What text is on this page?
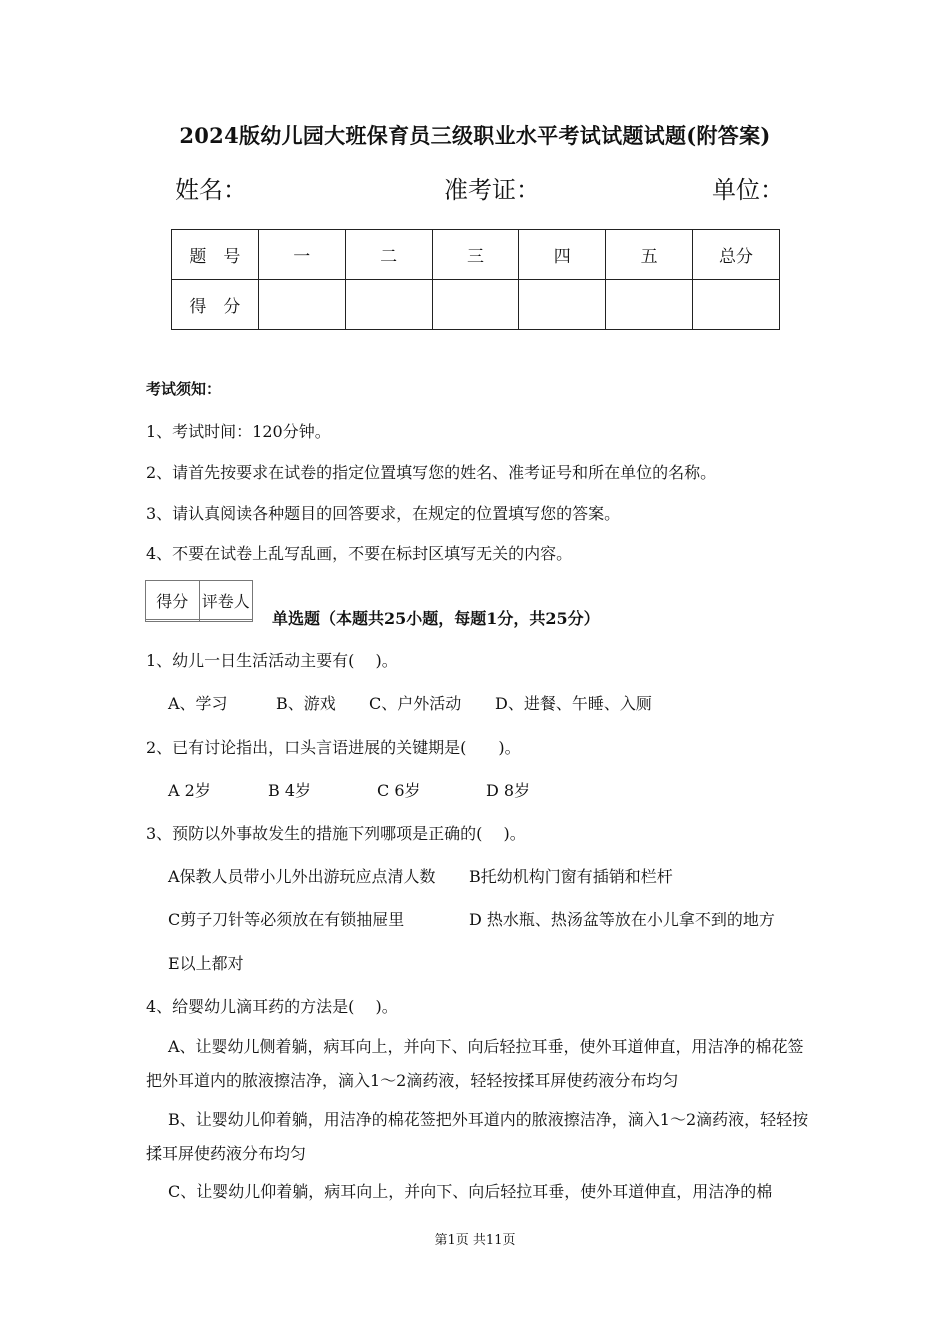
2024版幼儿园大班保育员三级职业水平考试试题试题(附答案)
姓名：	准考证：	单位：
题　号	一	二	三	四	五	总分
得　分						
考试须知：
1、考试时间：120分钟。
2、请首先按要求在试卷的指定位置填写您的姓名、准考证号和所在单位的名称。
3、请认真阅读各种题目的回答要求，在规定的位置填写您的答案。
4、不要在试卷上乱写乱画，不要在标封区填写无关的内容。
得分	评卷人

单选题（本题共25小题，每题1分，共25分）
1、幼儿一日生活活动主要有(　 )。
A、学习	B、游戏 C、户外活动 D、进餐、午睡、入厕
2、已有讨论指出，口头言语进展的关键期是(　　)。
A 2岁	B 4岁	C 6岁	D 8岁
3、预防以外事故发生的措施下列哪项是正确的(　 )。
A保教人员带小儿外出游玩应点清人数 B托幼机构门窗有插销和栏杆
C剪子刀针等必须放在有锁抽屉里	D 热水瓶、热汤盆等放在小儿拿不到的地方
E以上都对
4、给婴幼儿滴耳药的方法是(　 )。
A、让婴幼儿侧着躺，病耳向上，并向下、向后轻拉耳垂，使外耳道伸直，用洁净的棉花签把外耳道内的脓液擦洁净，滴入1～2滴药液，轻轻按揉耳屏使药液分布均匀
B、让婴幼儿仰着躺，用洁净的棉花签把外耳道内的脓液擦洁净，滴入1～2滴药液，轻轻按揉耳屏使药液分布均匀
C、让婴幼儿仰着躺，病耳向上，并向下、向后轻拉耳垂，使外耳道伸直，用洁净的棉
第1页 共11页
